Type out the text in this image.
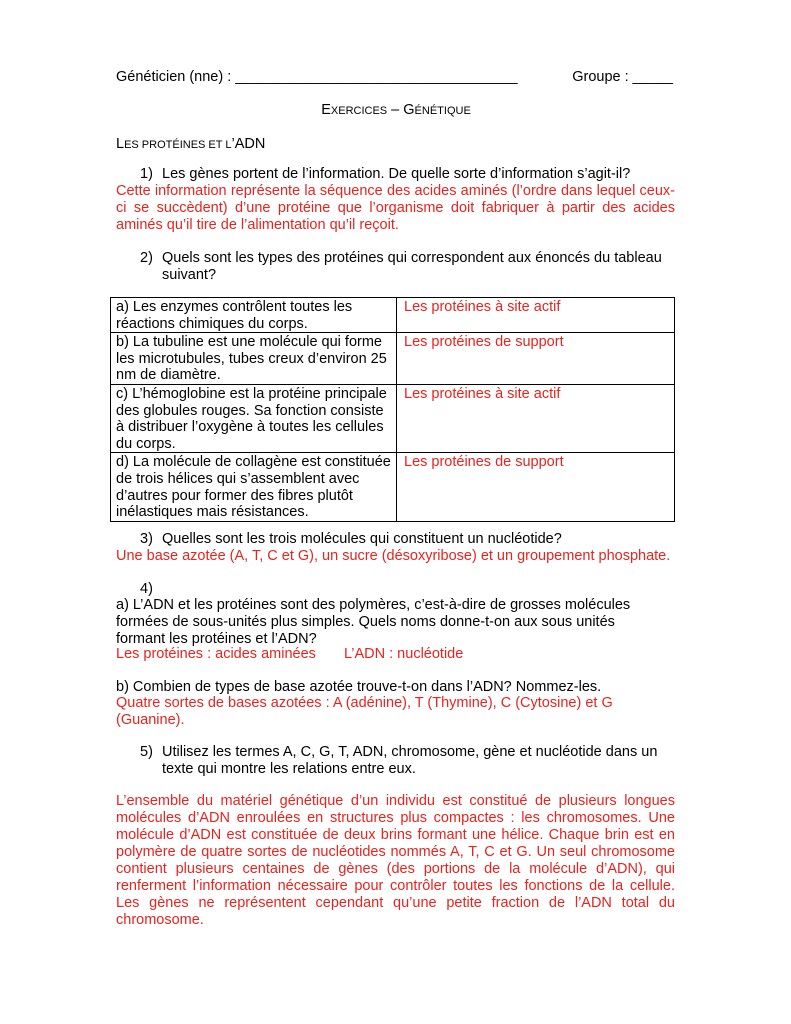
Généticien (nne) : ___________________________________	Groupe : _____
EXERCICES – GÉNÉTIQUE
LES PROTÉINES ET L’ADN
1) Les gènes portent de l’information. De quelle sorte d’information s’agit-il?
Cette information représente la séquence des acides aminés (l’ordre dans lequel ceux-ci se succèdent) d’une protéine que l’organisme doit fabriquer à partir des acides aminés qu’il tire de l’alimentation qu’il reçoit.
2) Quels sont les types des protéines qui correspondent aux énoncés du tableau suivant?
a) Les enzymes contrôlent toutes les réactions chimiques du corps.	Les protéines à site actif
b) La tubuline est une molécule qui forme les microtubules, tubes creux d’environ 25 nm de diamètre.	Les protéines de support
c) L’hémoglobine est la protéine principale des globules rouges. Sa fonction consiste à distribuer l’oxygène à toutes les cellules du corps.	Les protéines à site actif
d) La molécule de collagène est constituée de trois hélices qui s’assemblent avec d’autres pour former des fibres plutôt inélastiques mais résistances.	Les protéines de support
3) Quelles sont les trois molécules qui constituent un nucléotide?
Une base azotée (A, T, C et G), un sucre (désoxyribose) et un groupement phosphate.
4)
a) L’ADN et les protéines sont des polymères, c’est-à-dire de grosses molécules formées de sous-unités plus simples. Quels noms donne-t-on aux sous unités formant les protéines et l’ADN?
Les protéines : acides aminées L’ADN : nucléotide
b) Combien de types de base azotée trouve-t-on dans l’ADN? Nommez-les.
Quatre sortes de bases azotées : A (adénine), T (Thymine), C (Cytosine) et G (Guanine).
5) Utilisez les termes A, C, G, T, ADN, chromosome, gène et nucléotide dans un texte qui montre les relations entre eux.
L’ensemble du matériel génétique d’un individu est constitué de plusieurs longues molécules d’ADN enroulées en structures plus compactes : les chromosomes. Une molécule d’ADN est constituée de deux brins formant une hélice. Chaque brin est en polymère de quatre sortes de nucléotides nommés A, T, C et G. Un seul chromosome contient plusieurs centaines de gènes (des portions de la molécule d’ADN), qui renferment l’information nécessaire pour contrôler toutes les fonctions de la cellule. Les gènes ne représentent cependant qu’une petite fraction de l’ADN total du chromosome.
